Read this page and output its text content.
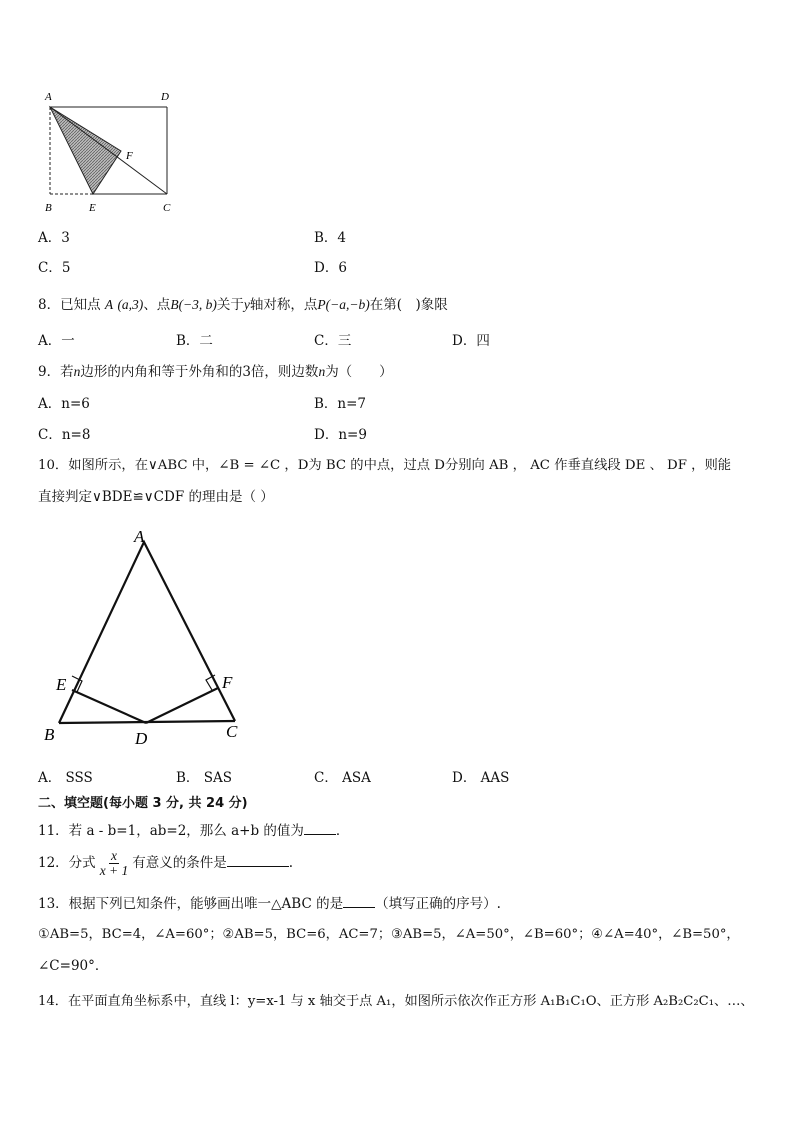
A	D
F
B	E	C
A．3	B．4
C．5	D．6
8．已知点 A (a,3)、点B(−3, b)关于y轴对称，点P(−a,−b)在第(　)象限
A．一	B．二	C．三	D．四
9．若n边形的内角和等于外角和的3倍，则边数n为（　　）
A．n=6	B．n=7
C．n=8	D．n=9
10．如图所示，在∨ABC 中，∠B = ∠C ，D为 BC 的中点，过点 D分别向 AB ， AC 作垂直线段 DE 、 DF ，则能
直接判定∨BDE≌∨CDF 的理由是（ ）
A
E	F
B	D	C
A． SSS	B． SAS	C． ASA	D． AAS
二、填空题(每小题 3 分, 共 24 分)
11．若 a - b=1，ab=2，那么 a+b 的值为 ．
12．分式 $\frac{x}{x + 1}$ 有意义的条件是	.
13．根据下列已知条件，能够画出唯一△ABC 的是 （填写正确的序号）.
①AB=5，BC=4，∠A=60°；②AB=5，BC=6，AC=7；③AB=5，∠A=50°，∠B=60°；④∠A=40°，∠B=50°，
∠C=90°．
14．在平面直角坐标系中，直线 l：y=x-1 与 x 轴交于点 A₁，如图所示依次作正方形 A₁B₁C₁O、正方形 A₂B₂C₂C₁、…、
